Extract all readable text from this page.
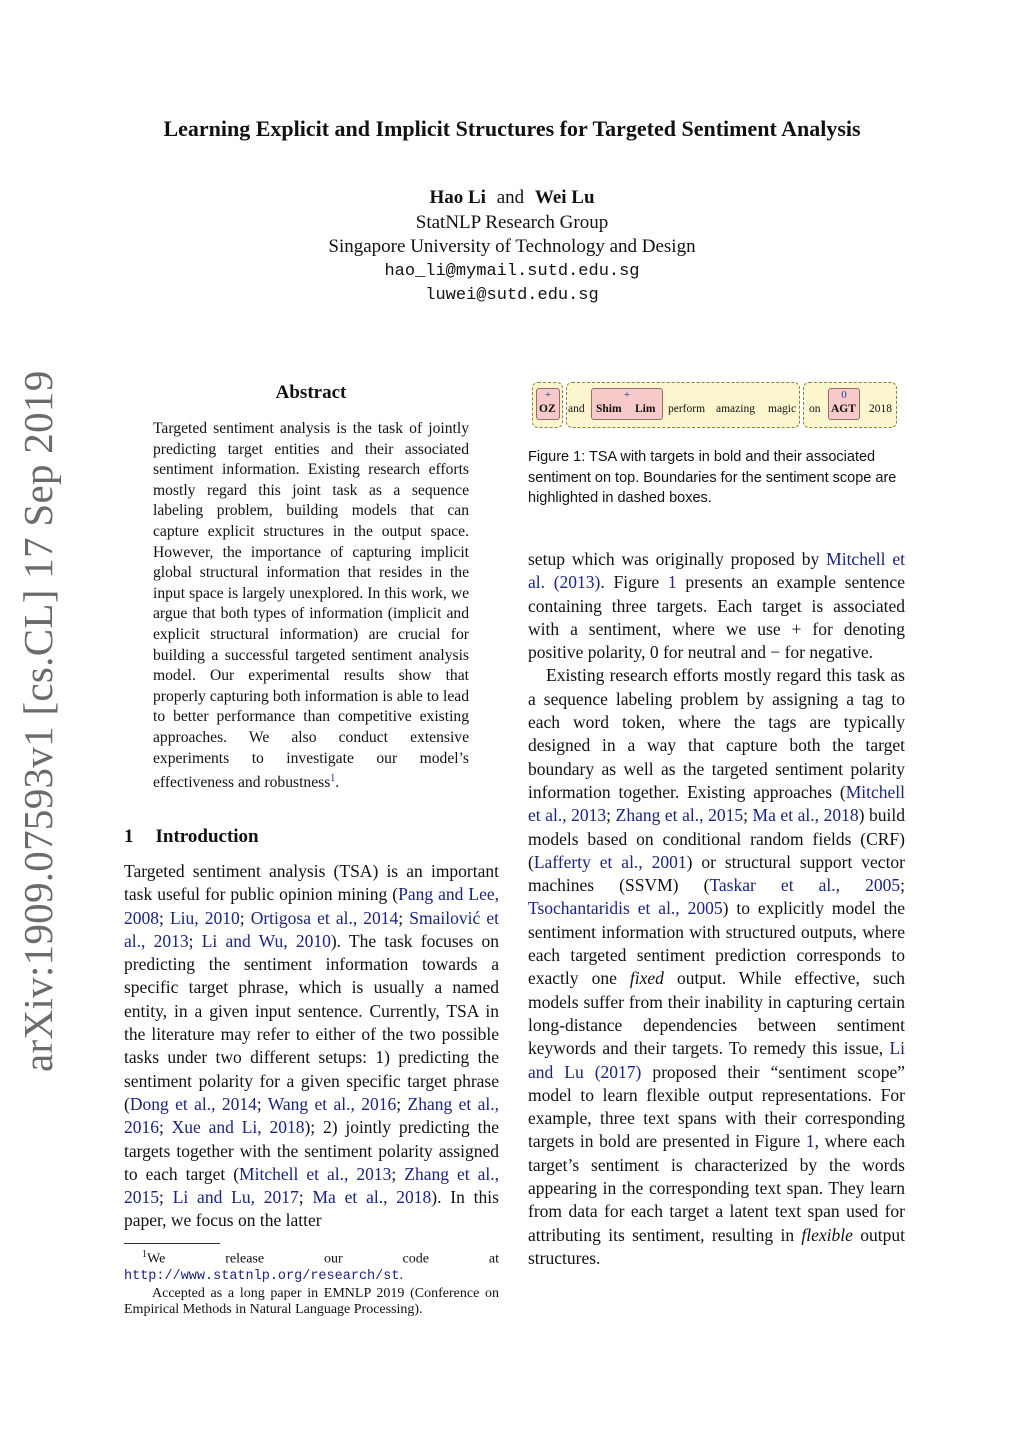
arXiv:1909.07593v1 [cs.CL] 17 Sep 2019
Learning Explicit and Implicit Structures for Targeted Sentiment Analysis
Hao Li and Wei Lu
StatNLP Research Group
Singapore University of Technology and Design
hao_li@mymail.sutd.edu.sg
luwei@sutd.edu.sg
Abstract
Targeted sentiment analysis is the task of jointly predicting target entities and their associated sentiment information. Existing research efforts mostly regard this joint task as a sequence labeling problem, building models that can capture explicit structures in the output space. However, the importance of capturing implicit global structural information that resides in the input space is largely unexplored. In this work, we argue that both types of information (implicit and explicit structural information) are crucial for building a successful targeted sentiment analysis model. Our experimental results show that properly capturing both information is able to lead to better performance than competitive existing approaches. We also conduct extensive experiments to investigate our model’s effectiveness and robustness$^1$.
1 Introduction

Targeted sentiment analysis (TSA) is an important task useful for public opinion mining (Pang and Lee, 2008; Liu, 2010; Ortigosa et al., 2014; Smailović et al., 2013; Li and Wu, 2010). The task focuses on predicting the sentiment information towards a specific target phrase, which is usually a named entity, in a given input sentence. Currently, TSA in the literature may refer to either of the two possible tasks under two different setups: 1) predicting the sentiment polarity for a given specific target phrase (Dong et al., 2014; Wang et al., 2016; Zhang et al., 2016; Xue and Li, 2018); 2) jointly predicting the targets together with the sentiment polarity assigned to each target (Mitchell et al., 2013; Zhang et al., 2015; Li and Lu, 2017; Ma et al., 2018). In this paper, we focus on the latter

$^1$We release our code at http://www.statnlp.org/research/st.

Accepted as a long paper in EMNLP 2019 (Conference on Empirical Methods in Natural Language Processing).

+	+	0
OZ	Shim Lim	AGT
and	perform amazing magic on	2018
Figure 1: TSA with targets in bold and their associated sentiment on top. Boundaries for the sentiment scope are highlighted in dashed boxes.

setup which was originally proposed by Mitchell et al. (2013). Figure 1 presents an example sentence containing three targets. Each target is associated with a sentiment, where we use + for denoting positive polarity, 0 for neutral and − for negative.

Existing research efforts mostly regard this task as a sequence labeling problem by assigning a tag to each word token, where the tags are typically designed in a way that capture both the target boundary as well as the targeted sentiment polarity information together. Existing approaches (Mitchell et al., 2013; Zhang et al., 2015; Ma et al., 2018) build models based on conditional random fields (CRF) (Lafferty et al., 2001) or structural support vector machines (SSVM) (Taskar et al., 2005; Tsochantaridis et al., 2005) to explicitly model the sentiment information with structured outputs, where each targeted sentiment prediction corresponds to exactly one fixed output. While effective, such models suffer from their inability in capturing certain long-distance dependencies between sentiment keywords and their targets. To remedy this issue, Li and Lu (2017) proposed their “sentiment scope” model to learn flexible output representations. For example, three text spans with their corresponding targets in bold are presented in Figure 1, where each target’s sentiment is characterized by the words appearing in the corresponding text span. They learn from data for each target a latent text span used for attributing its sentiment, resulting in flexible output structures.
